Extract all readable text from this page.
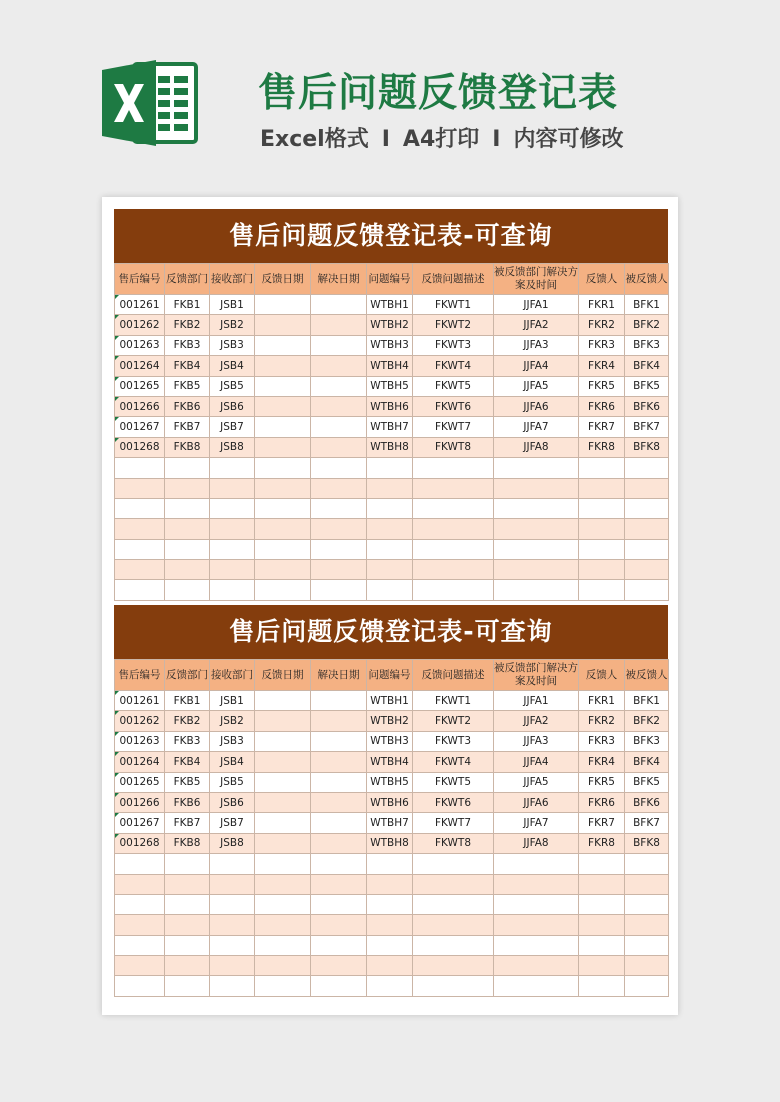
售后问题反馈登记表
Excel格式 I A4打印 I 内容可修改
售后问题反馈登记表-可查询
售后编号	反馈部门	接收部门	反馈日期	解决日期	问题编号	反馈问题描述	被反馈部门解决方案及时间	反馈人	被反馈人
001261	FKB1	JSB1			WTBH1	FKWT1	JJFA1	FKR1	BFK1
001262	FKB2	JSB2			WTBH2	FKWT2	JJFA2	FKR2	BFK2
001263	FKB3	JSB3			WTBH3	FKWT3	JJFA3	FKR3	BFK3
001264	FKB4	JSB4			WTBH4	FKWT4	JJFA4	FKR4	BFK4
001265	FKB5	JSB5			WTBH5	FKWT5	JJFA5	FKR5	BFK5
001266	FKB6	JSB6			WTBH6	FKWT6	JJFA6	FKR6	BFK6
001267	FKB7	JSB7			WTBH7	FKWT7	JJFA7	FKR7	BFK7
001268	FKB8	JSB8			WTBH8	FKWT8	JJFA8	FKR8	BFK8

售后问题反馈登记表-可查询
售后编号	反馈部门	接收部门	反馈日期	解决日期	问题编号	反馈问题描述	被反馈部门解决方案及时间	反馈人	被反馈人
001261	FKB1	JSB1			WTBH1	FKWT1	JJFA1	FKR1	BFK1
001262	FKB2	JSB2			WTBH2	FKWT2	JJFA2	FKR2	BFK2
001263	FKB3	JSB3			WTBH3	FKWT3	JJFA3	FKR3	BFK3
001264	FKB4	JSB4			WTBH4	FKWT4	JJFA4	FKR4	BFK4
001265	FKB5	JSB5			WTBH5	FKWT5	JJFA5	FKR5	BFK5
001266	FKB6	JSB6			WTBH6	FKWT6	JJFA6	FKR6	BFK6
001267	FKB7	JSB7			WTBH7	FKWT7	JJFA7	FKR7	BFK7
001268	FKB8	JSB8			WTBH8	FKWT8	JJFA8	FKR8	BFK8
